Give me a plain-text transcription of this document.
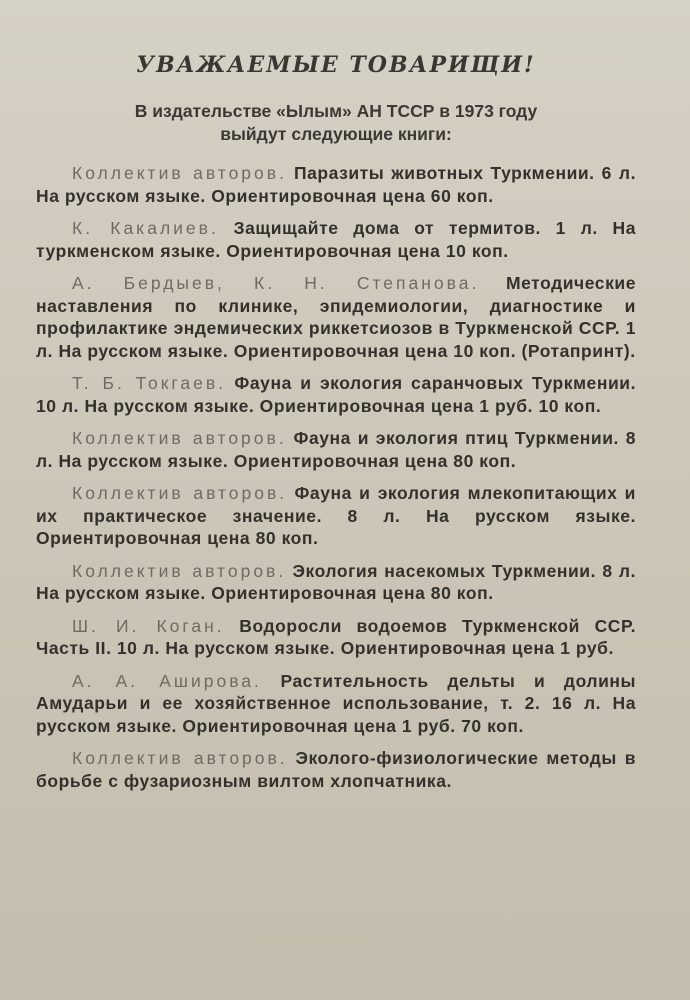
УВАЖАЕМЫЕ ТОВАРИЩИ!
В издательстве «Ылым» АН ТССР в 1973 году
выйдут следующие книги:

Коллектив авторов. Паразиты животных Туркмении. 6 л. На русском языке. Ориентировочная цена 60 коп.

К. Какалиев. Защищайте дома от термитов. 1 л. На туркменском языке. Ориентировочная цена 10 коп.

А. Бердыев, К. Н. Степанова. Методические наставления по клинике, эпидемиологии, диагностике и профилактике эндемических риккетсиозов в Туркменской ССР. 1 л. На русском языке. Ориентировочная цена 10 коп. (Ротапринт).

Т. Б. Токгаев. Фауна и экология саранчовых Туркмении. 10 л. На русском языке. Ориентировочная цена 1 руб. 10 коп.

Коллектив авторов. Фауна и экология птиц Туркмении. 8 л. На русском языке. Ориентировочная цена 80 коп.

Коллектив авторов. Фауна и экология млекопитающих и их практическое значение. 8 л. На русском языке. Ориентировочная цена 80 коп.

Коллектив авторов. Экология насекомых Туркмении. 8 л. На русском языке. Ориентировочная цена 80 коп.

Ш. И. Коган. Водоросли водоемов Туркменской ССР. Часть II. 10 л. На русском языке. Ориентировочная цена 1 руб.

А. А. Аширова. Растительность дельты и долины Амударьи и ее хозяйственное использование, т. 2. 16 л. На русском языке. Ориентировочная цена 1 руб. 70 коп.

Коллектив авторов. Эколого-физиологические методы в борьбе с фузариозным вилтом хлопчатника.
